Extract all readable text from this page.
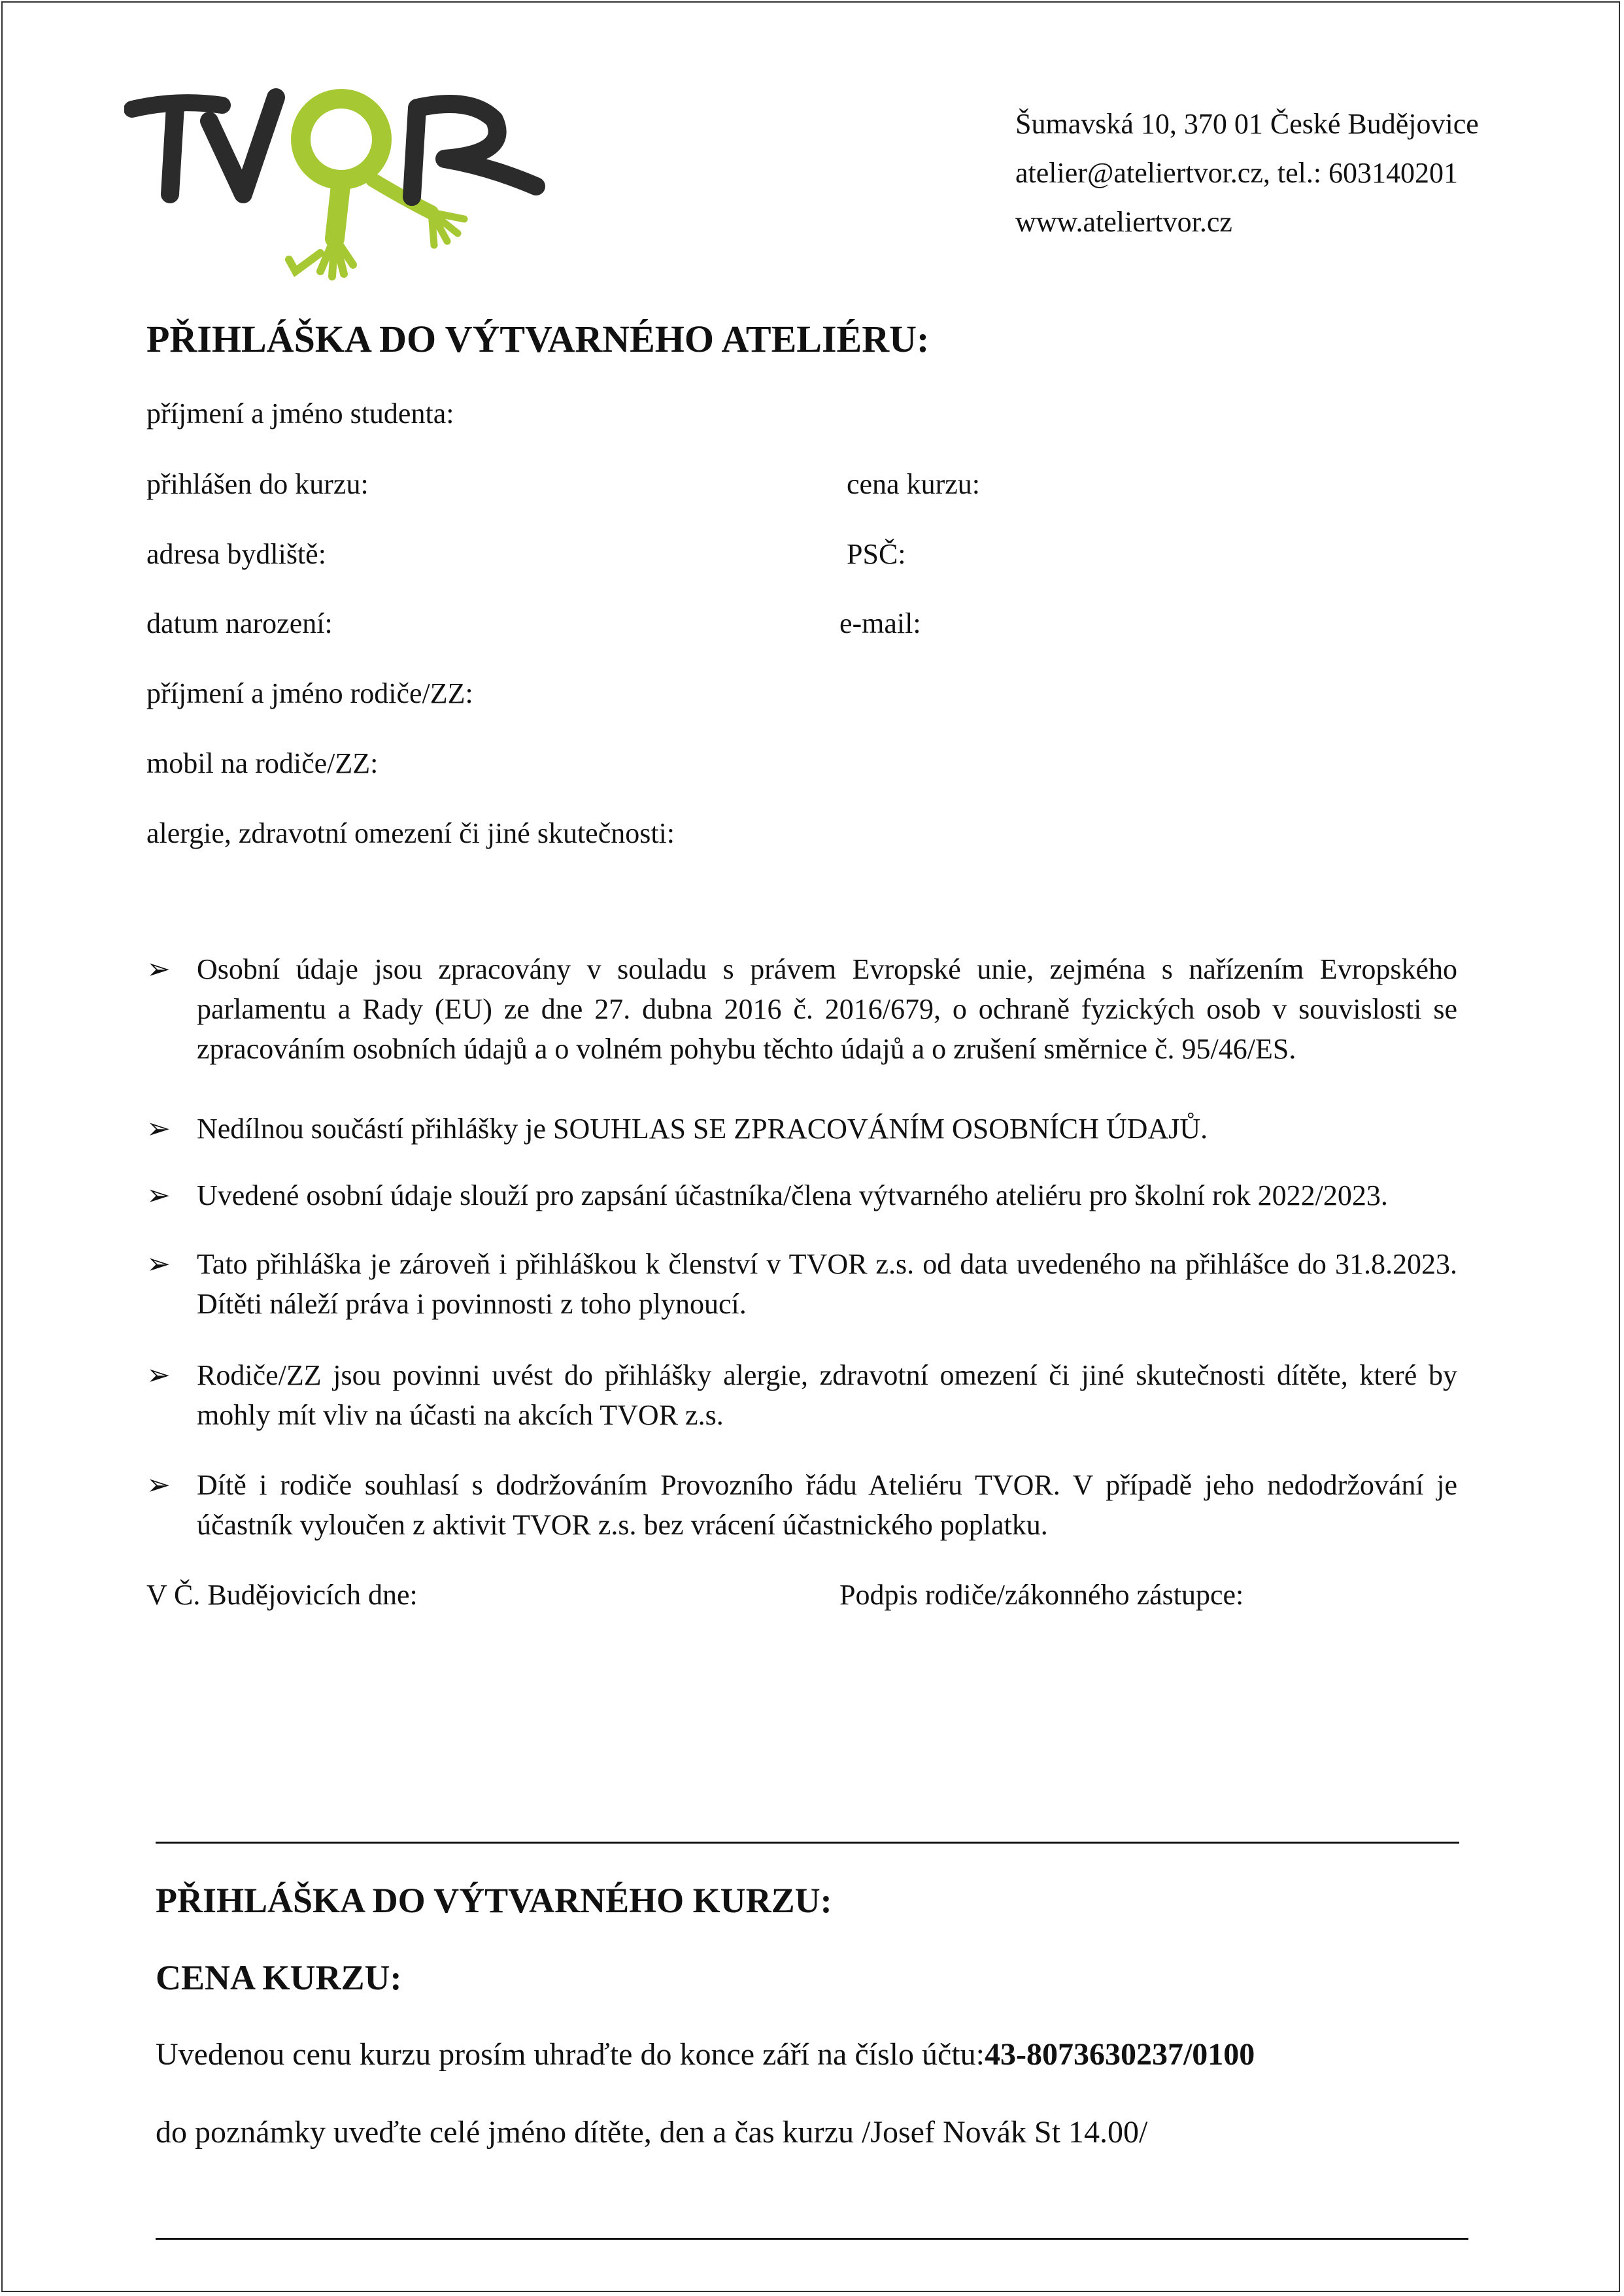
Šumavská 10, 370 01 České Budějovice
atelier@ateliertvor.cz, tel.: 603140201
www.ateliertvor.cz
PŘIHLÁŠKA DO VÝTVARNÉHO ATELIÉRU:
příjmení a jméno studenta:
přihlášen do kurzu:	cena kurzu:
adresa bydliště:	PSČ:
datum narození:	e-mail:
příjmení a jméno rodiče/ZZ:
mobil na rodiče/ZZ:
alergie, zdravotní omezení či jiné skutečnosti:
➢ Osobní údaje jsou zpracovány v souladu s právem Evropské unie, zejména s nařízením Evropského parlamentu a Rady (EU) ze dne 27. dubna 2016 č. 2016/679, o ochraně fyzických osob v souvislosti se zpracováním osobních údajů a o volném pohybu těchto údajů a o zrušení směrnice č. 95/46/ES.
➢ Nedílnou součástí přihlášky je SOUHLAS SE ZPRACOVÁNÍM OSOBNÍCH ÚDAJŮ.
➢ Uvedené osobní údaje slouží pro zapsání účastníka/člena výtvarného ateliéru pro školní rok 2022/2023.
➢ Tato přihláška je zároveň i přihláškou k členství v TVOR z.s. od data uvedeného na přihlášce do 31.8.2023. Dítěti náleží práva i povinnosti z toho plynoucí.
➢ Rodiče/ZZ jsou povinni uvést do přihlášky alergie, zdravotní omezení či jiné skutečnosti dítěte, které by mohly mít vliv na účasti na akcích TVOR z.s.
➢ Dítě i rodiče souhlasí s dodržováním Provozního řádu Ateliéru TVOR. V případě jeho nedodržování je účastník vyloučen z aktivit TVOR z.s. bez vrácení účastnického poplatku.
V Č. Budějovicích dne:	Podpis rodiče/zákonného zástupce:
PŘIHLÁŠKA DO VÝTVARNÉHO KURZU:
CENA KURZU:
Uvedenou cenu kurzu prosím uhraďte do konce září na číslo účtu:43-8073630237/0100
do poznámky uveďte celé jméno dítěte, den a čas kurzu /Josef Novák St 14.00/
